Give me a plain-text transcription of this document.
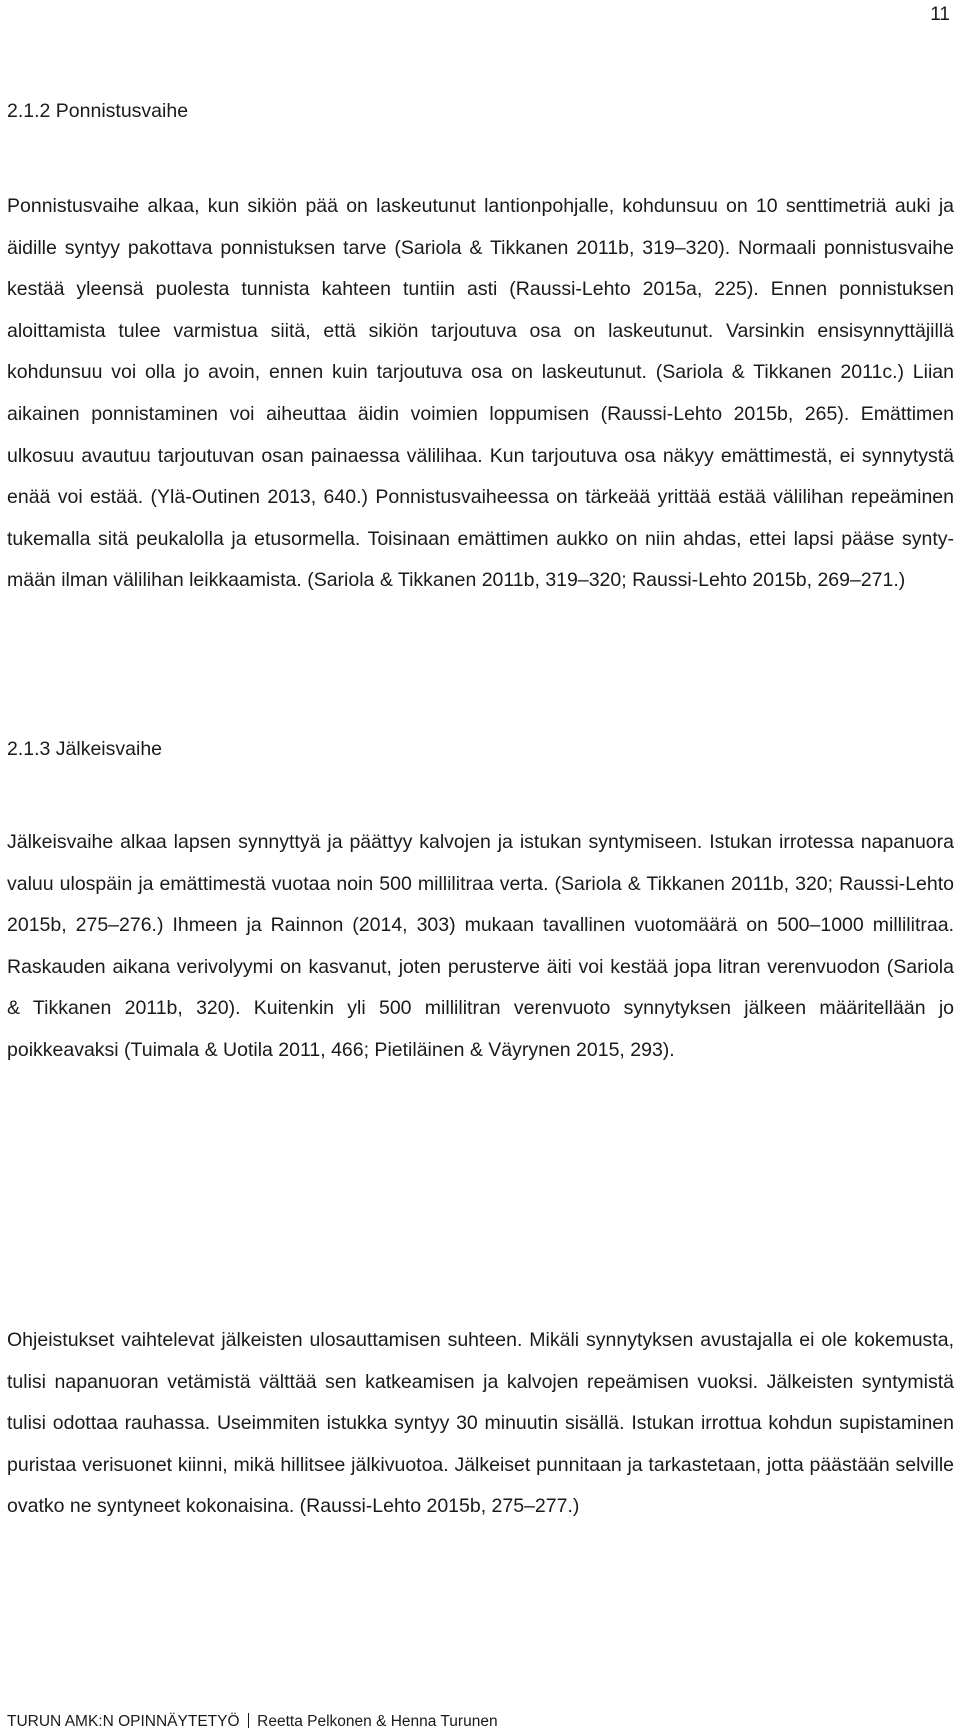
11
2.1.2 Ponnistusvaihe

Ponnistusvaihe alkaa, kun sikiön pää on laskeutunut lantionpohjalle, kohdunsuu on 10 senttimetriä auki ja äidille syntyy pakottava ponnistuksen tarve (Sariola & Tikkanen 2011b, 319–320). Normaali ponnistusvaihe kestää yleensä puolesta tunnista kahteen tuntiin asti (Raussi-Lehto 2015a, 225). Ennen ponnistuksen aloittamista tulee varmistua siitä, että sikiön tarjoutuva osa on laskeutunut. Varsinkin ensisynnyttäjillä kohdunsuu voi olla jo avoin, ennen kuin tarjoutuva osa on laskeutunut. (Sariola & Tikkanen 2011c.) Liian aikainen ponnistaminen voi aiheuttaa äidin voimien loppumisen (Raussi-Lehto 2015b, 265). Emättimen ulkosuu avautuu tarjoutuvan osan painaessa välilihaa. Kun tarjoutuva osa näkyy emättimestä, ei synnytystä enää voi estää. (Ylä-Outinen 2013, 640.) Ponnistusvaiheessa on tärkeää yrittää estää välilihan repeäminen tukemalla sitä peukalolla ja etusormella. Toisinaan emättimen aukko on niin ahdas, ettei lapsi pääse syntymään ilman välilihan leikkaamista. (Sariola & Tikkanen 2011b, 319–320; Raussi-Lehto 2015b, 269–271.)

2.1.3 Jälkeisvaihe

Jälkeisvaihe alkaa lapsen synnyttyä ja päättyy kalvojen ja istukan syntymiseen. Istukan irrotessa napanuora valuu ulospäin ja emättimestä vuotaa noin 500 millilitraa verta. (Sariola & Tikkanen 2011b, 320; Raussi-Lehto 2015b, 275–276.) Ihmeen ja Rainnon (2014, 303) mukaan tavallinen vuotomäärä on 500–1000 millilitraa. Raskauden aikana verivolyymi on kasvanut, joten perusterve äiti voi kestää jopa litran verenvuodon (Sariola & Tikkanen 2011b, 320). Kuitenkin yli 500 millilitran verenvuoto synnytyksen jälkeen määritellään jo poikkeavaksi (Tuimala & Uotila 2011, 466; Pietiläinen & Väyrynen 2015, 293).

Ohjeistukset vaihtelevat jälkeisten ulosauttamisen suhteen. Mikäli synnytyksen avustajalla ei ole kokemusta, tulisi napanuoran vetämistä välttää sen katkeamisen ja kalvojen repeämisen vuoksi. Jälkeisten syntymistä tulisi odottaa rauhassa. Useimmiten istukka syntyy 30 minuutin sisällä. Istukan irrottua kohdun supistaminen puristaa verisuonet kiinni, mikä hillitsee jälkivuotoa. Jälkeiset punnitaan ja tarkastetaan, jotta päästään selville ovatko ne syntyneet kokonaisina. (Raussi-Lehto 2015b, 275–277.)

TURUN AMK:N OPINNÄYTETYÖ Reetta Pelkonen & Henna Turunen
